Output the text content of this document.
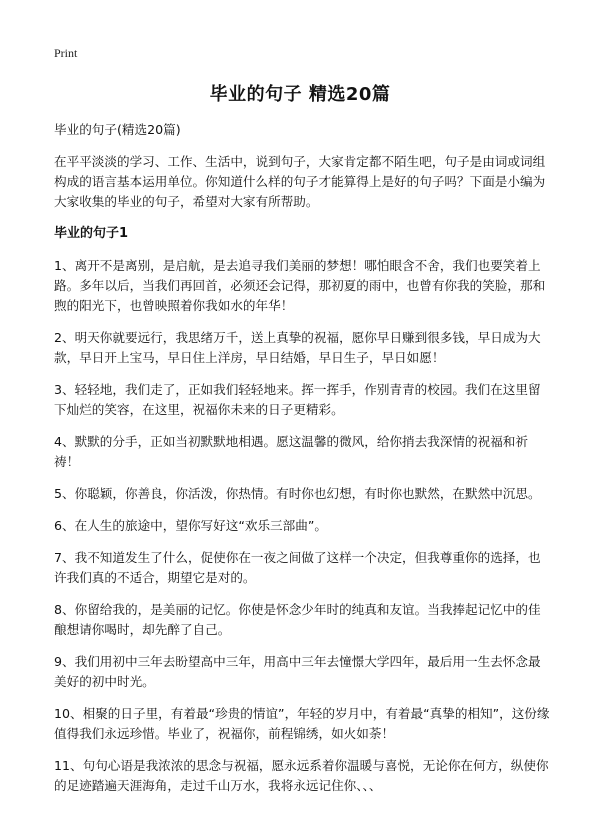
Print
毕业的句子 精选20篇

毕业的句子(精选20篇)

在平平淡淡的学习、工作、生活中，说到句子，大家肯定都不陌生吧，句子是由词或词组构成的语言基本运用单位。你知道什么样的句子才能算得上是好的句子吗？下面是小编为大家收集的毕业的句子，希望对大家有所帮助。

毕业的句子1

1、离开不是离别，是启航，是去追寻我们美丽的梦想！哪怕眼含不舍，我们也要笑着上路。多年以后，当我们再回首，必须还会记得，那初夏的雨中，也曾有你我的笑脸，那和煦的阳光下，也曾映照着你我如水的年华！

2、明天你就要远行，我思绪万千，送上真挚的祝福，愿你早日赚到很多钱，早日成为大款，早日开上宝马，早日住上洋房，早日结婚，早日生子，早日如愿！

3、轻轻地，我们走了，正如我们轻轻地来。挥一挥手，作别青青的校园。我们在这里留下灿烂的笑容，在这里，祝福你未来的日子更精彩。

4、默默的分手，正如当初默默地相遇。愿这温馨的微风，给你捎去我深情的祝福和祈祷！

5、你聪颖，你善良，你活泼，你热情。有时你也幻想，有时你也默然，在默然中沉思。

6、在人生的旅途中，望你写好这“欢乐三部曲”。

7、我不知道发生了什么，促使你在一夜之间做了这样一个决定，但我尊重你的选择，也许我们真的不适合，期望它是对的。

8、你留给我的，是美丽的记忆。你使是怀念少年时的纯真和友谊。当我捧起记忆中的佳酿想请你喝时，却先醉了自己。

9、我们用初中三年去盼望高中三年，用高中三年去憧憬大学四年，最后用一生去怀念最美好的初中时光。

10、相聚的日子里，有着最“珍贵的情谊”，年轻的岁月中，有着最“真挚的相知”，这份缘值得我们永远珍惜。毕业了，祝福你，前程锦绣，如火如荼！

11、句句心语是我浓浓的思念与祝福，愿永远系着你温暖与喜悦，无论你在何方，纵使你的足迹踏遍天涯海角，走过千山万水，我将永远记住你、、、
